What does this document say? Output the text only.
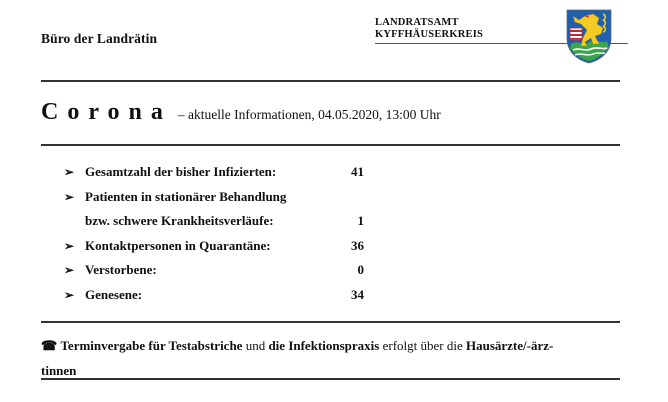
Büro der Landrätin
LANDRATSAMT
KYFFHÄUSERKREIS
Corona – aktuelle Informationen, 04.05.2020, 13:00 Uhr
➢ Gesamtzahl der bisher Infizierten:	41
➢ Patienten in stationärer Behandlung
bzw. schwere Krankheitsverläufe:	1
➢ Kontaktpersonen in Quarantäne:	36
➢ Verstorbene:	0
➢ Genesene:	34
☎ Terminvergabe für Testabstriche und die Infektionspraxis erfolgt über die Hausärzte/-ärz-
tinnen
